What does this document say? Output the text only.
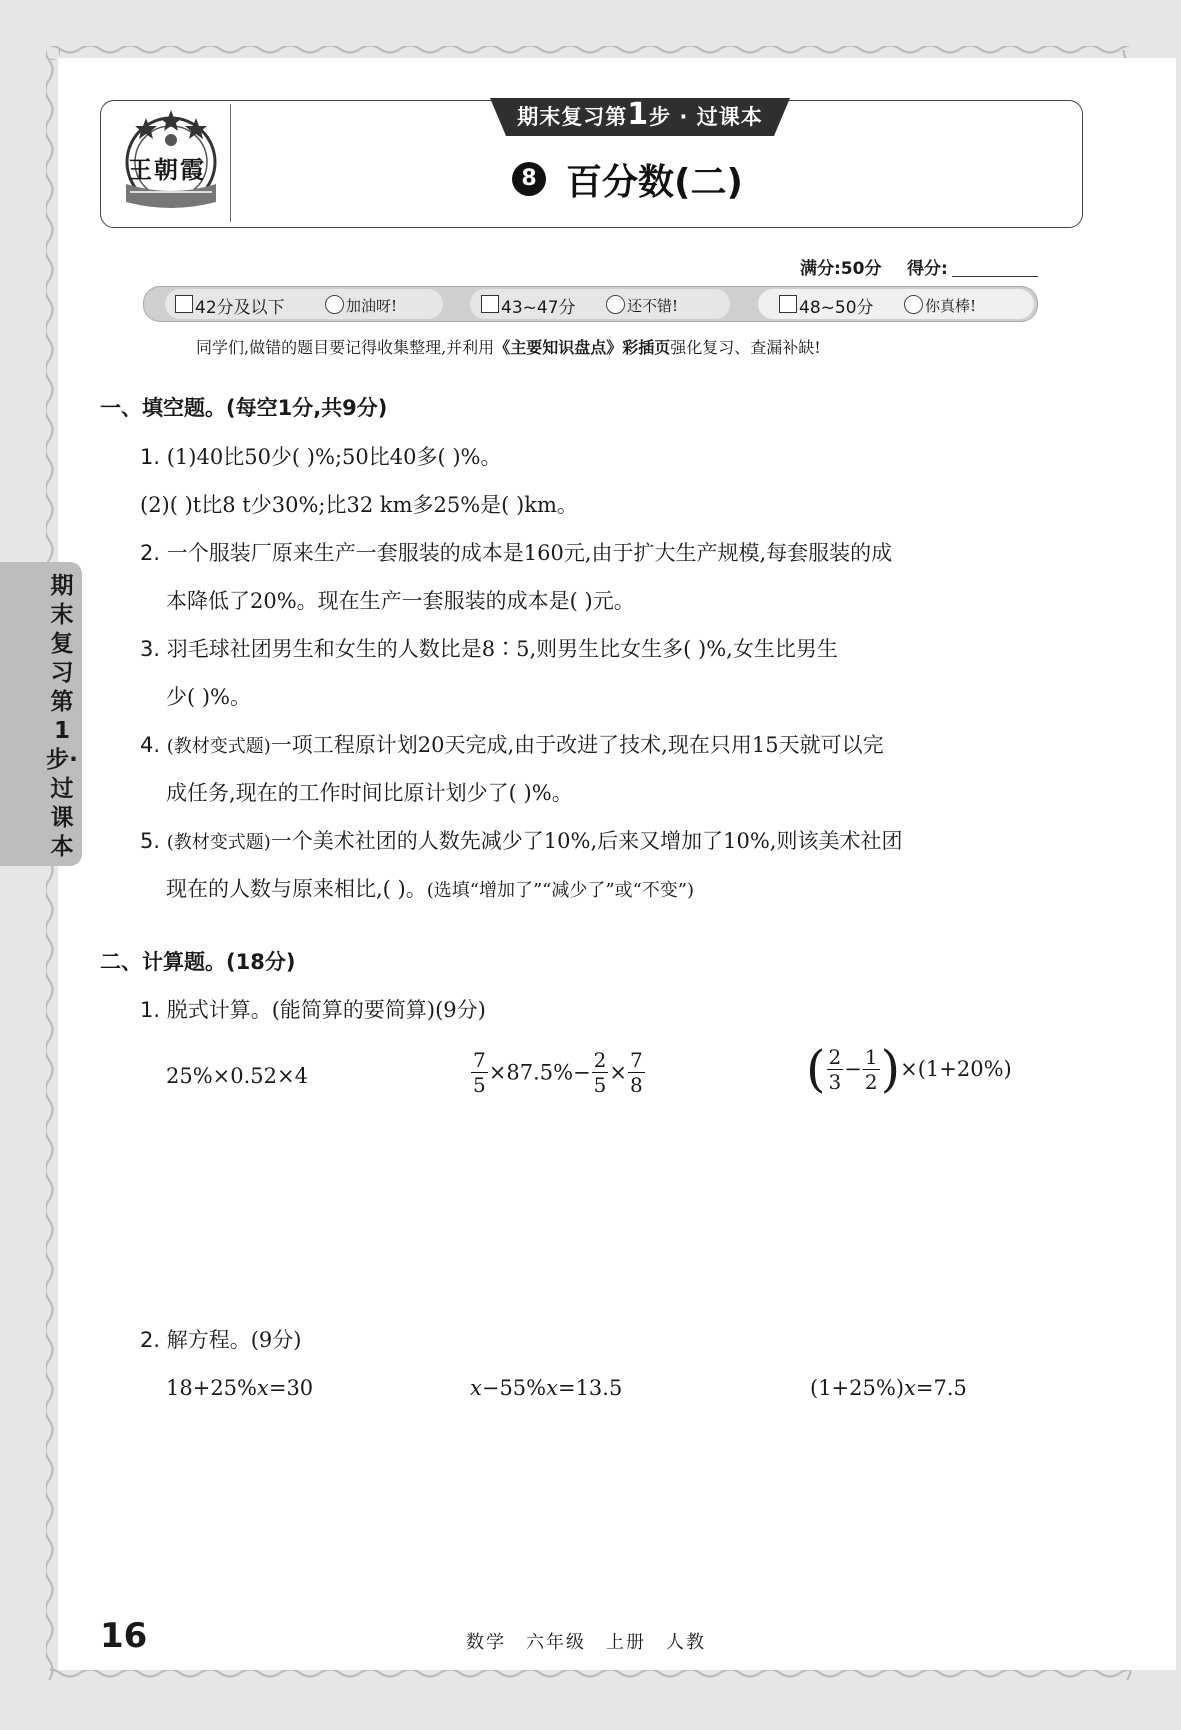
王朝霞
期末复习第1步 · 过课本
8 百分数(二)
满分:50分 得分:
42分及以下	加油呀!	43~47分	还不错!	48~50分	你真棒!
同学们,做错的题目要记得收集整理,并利用《主要知识盘点》彩插页强化复习、查漏补缺!
期末复习第1步·过课本
一、填空题。(每空1分,共9分)
1. (1)40比50少( )%;50比40多( )%。
(2)( )t比8 t少30%;比32 km多25%是( )km。
2. 一个服装厂原来生产一套服装的成本是160元,由于扩大生产规模,每套服装的成
本降低了20%。现在生产一套服装的成本是( )元。
3. 羽毛球社团男生和女生的人数比是8∶5,则男生比女生多( )%,女生比男生
少( )%。
4. (教材变式题)一项工程原计划20天完成,由于改进了技术,现在只用15天就可以完
成任务,现在的工作时间比原计划少了( )%。
5. (教材变式题)一个美术社团的人数先减少了10%,后来又增加了10%,则该美术社团
现在的人数与原来相比,( )。(选填“增加了”“减少了”或“不变”)
二、计算题。(18分)
1. 脱式计算。(能简算的要简算)(9分)
25%×0.52×4	$\frac{7}{5} \times 87.5\%- \frac{2}{5} \times \frac{7}{8}$	( $\frac{2}{3} - \frac{1}{2} )\times(1+20\%)$
2. 解方程。(9分)
18+25%x=30	x−55%x=13.5	(1+25%)x=7.5
16	数学　六年级　上册　人教
